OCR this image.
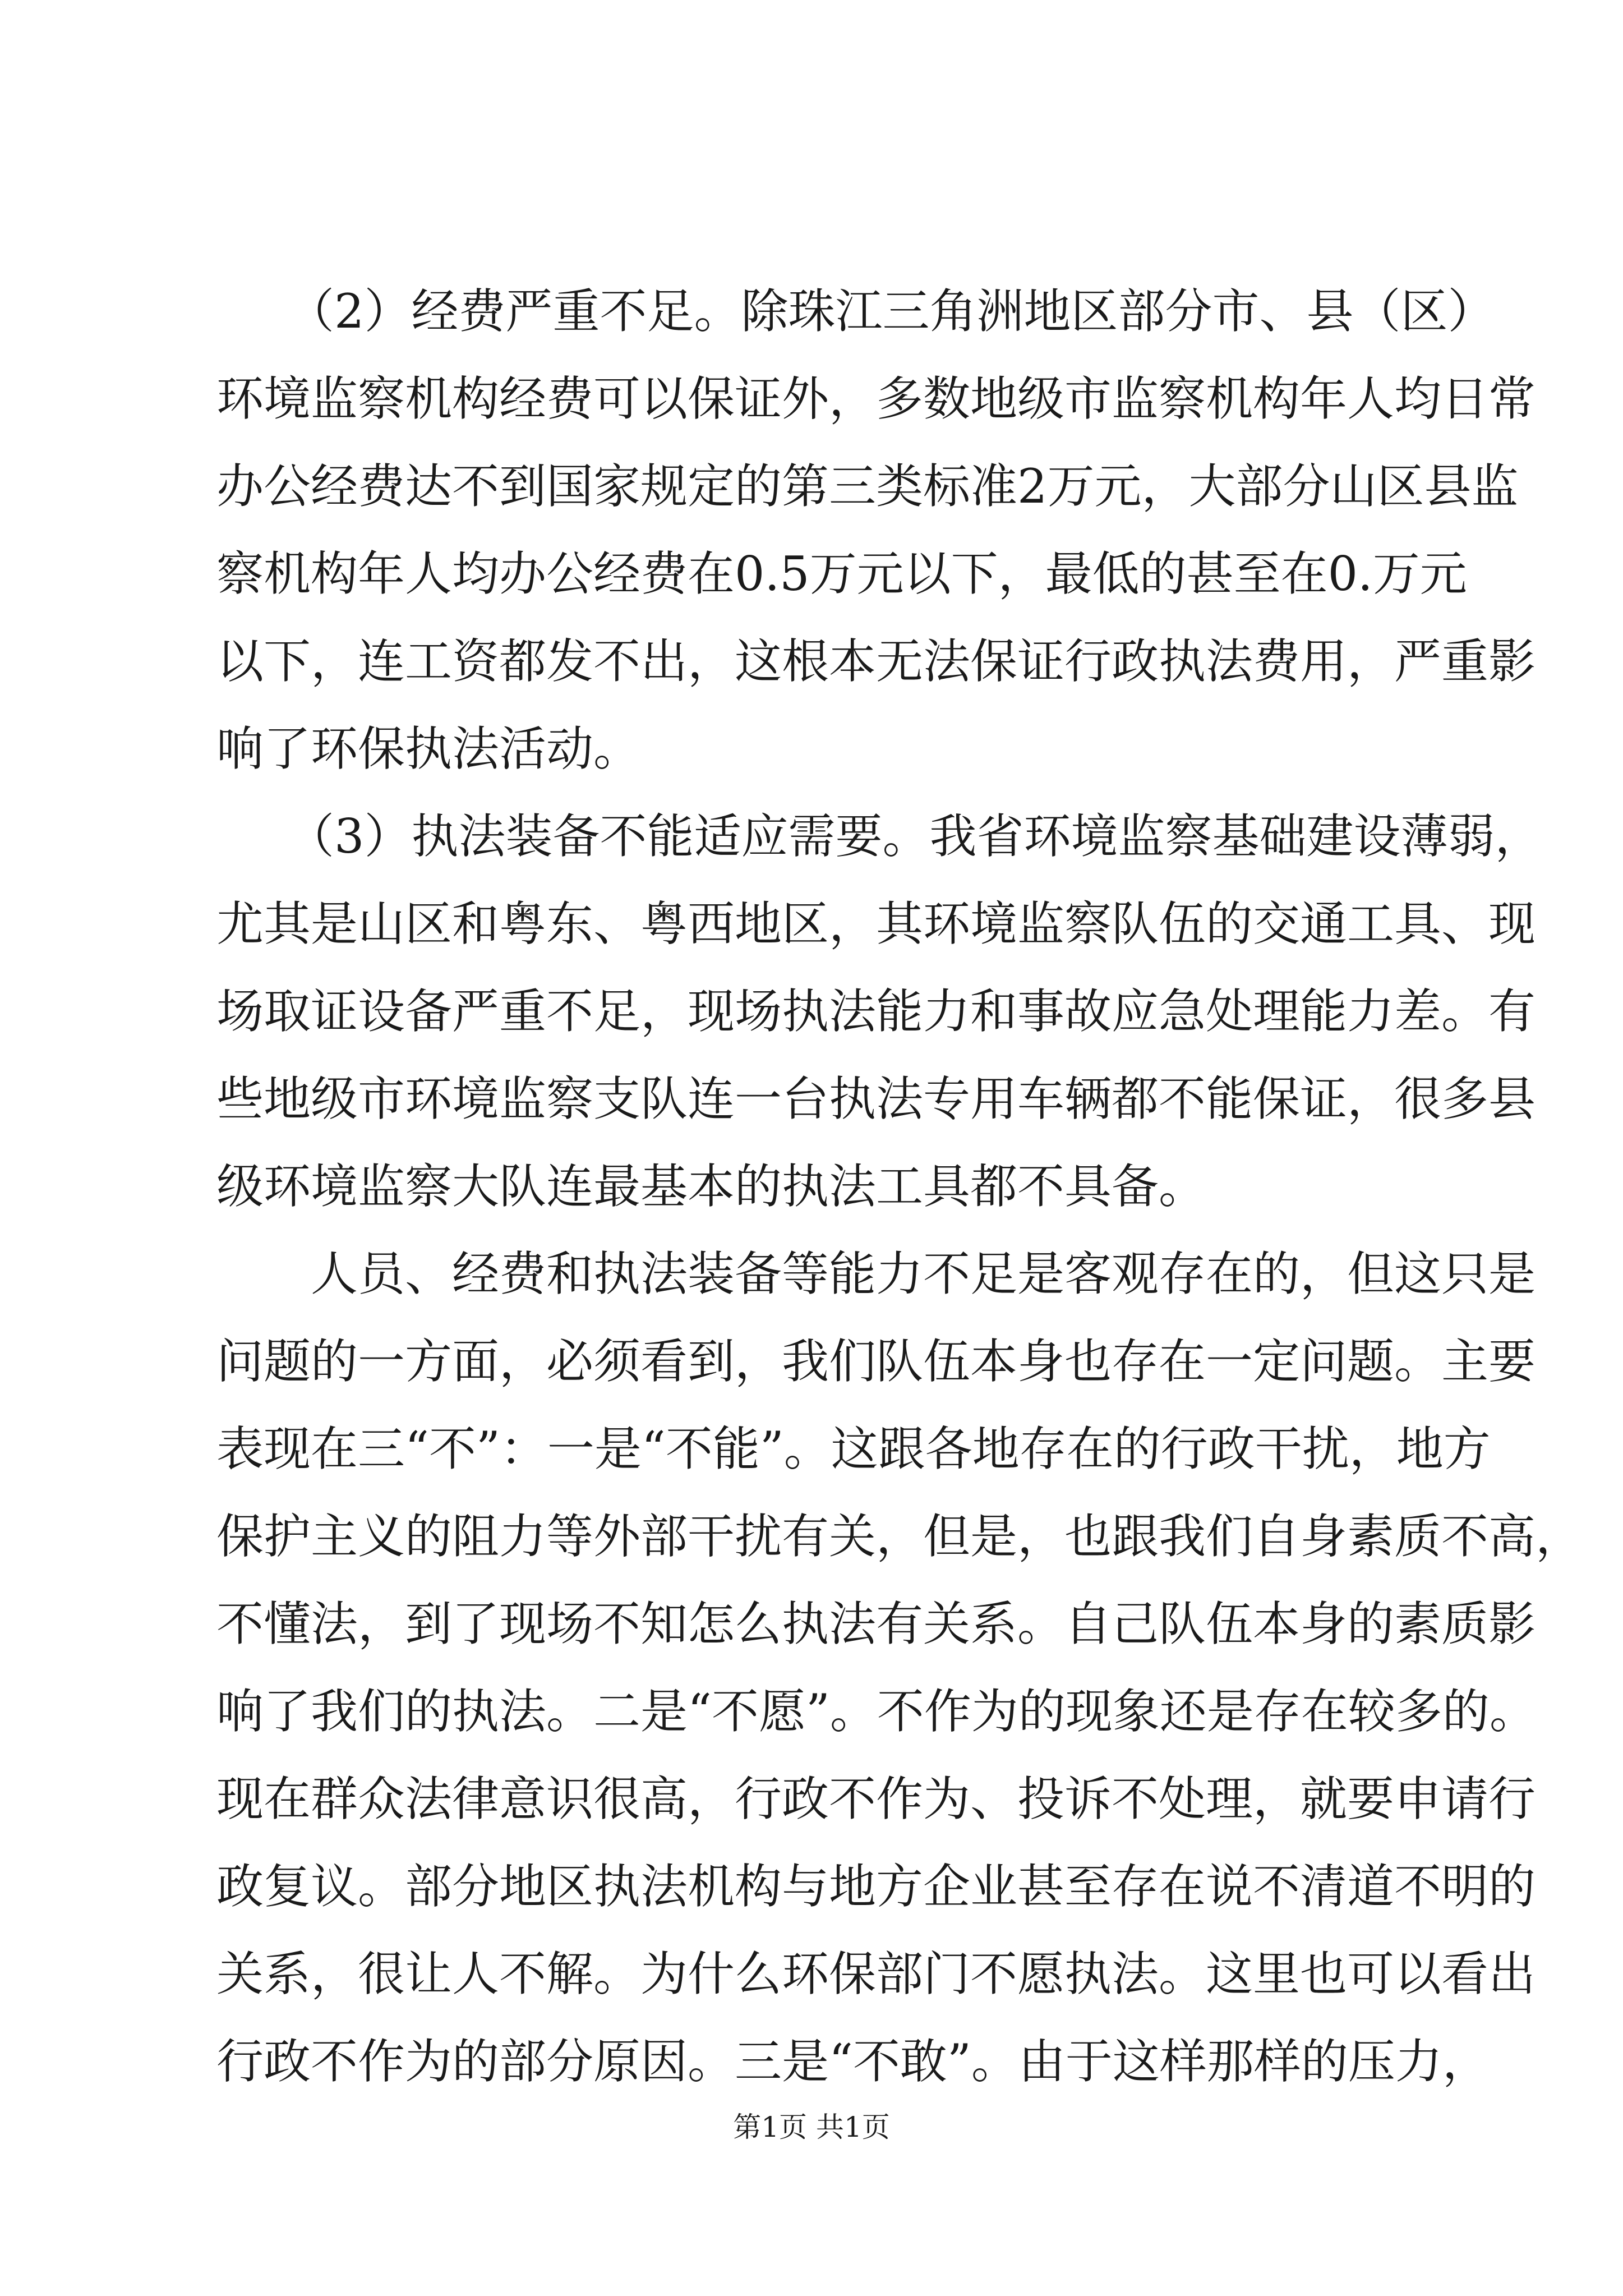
　　（2）经费严重不足。除珠江三角洲地区部分市、县（区）
环境监察机构经费可以保证外，多数地级市监察机构年人均日常
办公经费达不到国家规定的第三类标准2万元，大部分山区县监
察机构年人均办公经费在0.5万元以下，最低的甚至在0.万元
以下，连工资都发不出，这根本无法保证行政执法费用，严重影
响了环保执法活动。
　　（3）执法装备不能适应需要。我省环境监察基础建设薄弱，
尤其是山区和粤东、粤西地区，其环境监察队伍的交通工具、现
场取证设备严重不足，现场执法能力和事故应急处理能力差。有
些地级市环境监察支队连一台执法专用车辆都不能保证，很多县
级环境监察大队连最基本的执法工具都不具备。
　　人员、经费和执法装备等能力不足是客观存在的，但这只是
问题的一方面，必须看到，我们队伍本身也存在一定问题。主要
表现在三“不”：一是“不能”。这跟各地存在的行政干扰，地方
保护主义的阻力等外部干扰有关，但是，也跟我们自身素质不高，
不懂法，到了现场不知怎么执法有关系。自己队伍本身的素质影
响了我们的执法。二是“不愿”。不作为的现象还是存在较多的。
现在群众法律意识很高，行政不作为、投诉不处理，就要申请行
政复议。部分地区执法机构与地方企业甚至存在说不清道不明的
关系，很让人不解。为什么环保部门不愿执法。这里也可以看出
行政不作为的部分原因。三是“不敢”。由于这样那样的压力，
第1页 共1页
